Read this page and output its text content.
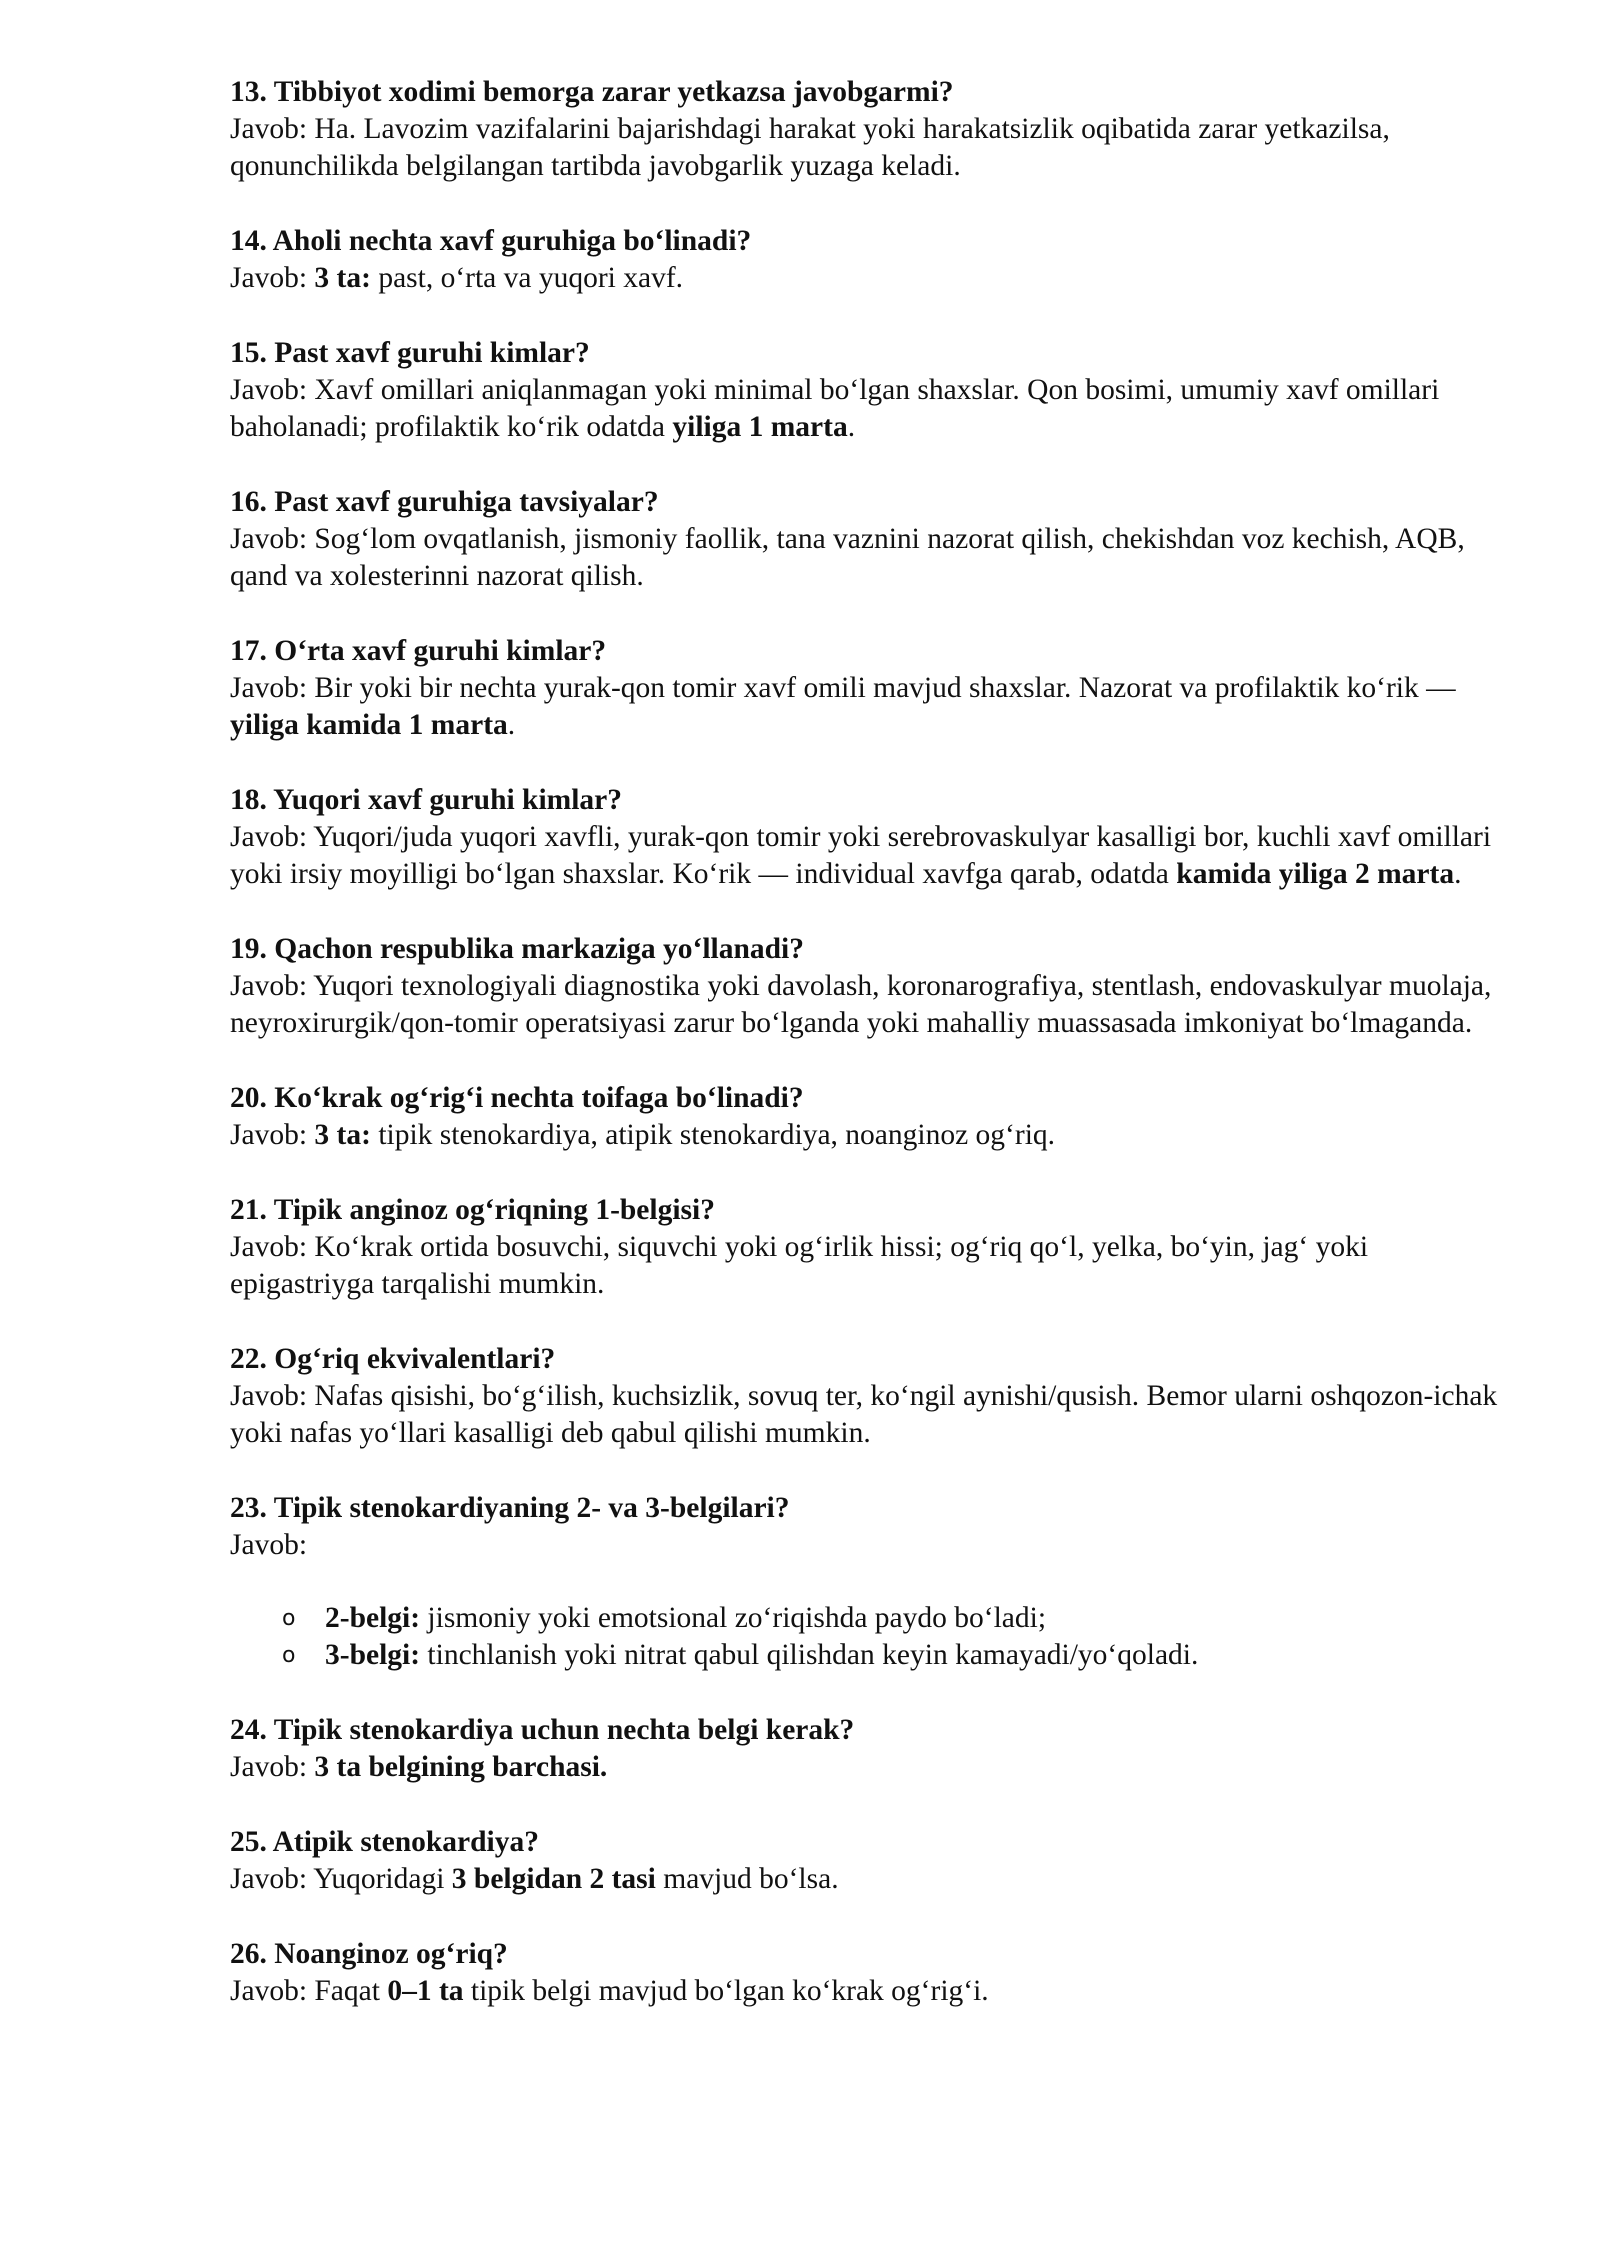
13. Tibbiyot xodimi bemorga zarar yetkazsa javobgarmi?
Javob: Ha. Lavozim vazifalarini bajarishdagi harakat yoki harakatsizlik oqibatida zarar yetkazilsa, qonunchilikda belgilangan tartibda javobgarlik yuzaga keladi.
14. Aholi nechta xavf guruhiga bo‘linadi?
Javob: 3 ta: past, o‘rta va yuqori xavf.
15. Past xavf guruhi kimlar?
Javob: Xavf omillari aniqlanmagan yoki minimal bo‘lgan shaxslar. Qon bosimi, umumiy xavf omillari baholanadi; profilaktik ko‘rik odatda yiliga 1 marta.
16. Past xavf guruhiga tavsiyalar?
Javob: Sog‘lom ovqatlanish, jismoniy faollik, tana vaznini nazorat qilish, chekishdan voz kechish, AQB, qand va xolesterinni nazorat qilish.
17. O‘rta xavf guruhi kimlar?
Javob: Bir yoki bir nechta yurak-qon tomir xavf omili mavjud shaxslar. Nazorat va profilaktik ko‘rik — yiliga kamida 1 marta.
18. Yuqori xavf guruhi kimlar?
Javob: Yuqori/juda yuqori xavfli, yurak-qon tomir yoki serebrovaskulyar kasalligi bor, kuchli xavf omillari yoki irsiy moyilligi bo‘lgan shaxslar. Ko‘rik — individual xavfga qarab, odatda kamida yiliga 2 marta.
19. Qachon respublika markaziga yo‘llanadi?
Javob: Yuqori texnologiyali diagnostika yoki davolash, koronarografiya, stentlash, endovaskulyar muolaja, neyroxirurgik/qon-tomir operatsiyasi zarur bo‘lganda yoki mahalliy muassasada imkoniyat bo‘lmaganda.
20. Ko‘krak og‘rig‘i nechta toifaga bo‘linadi?
Javob: 3 ta: tipik stenokardiya, atipik stenokardiya, noanginoz og‘riq.
21. Tipik anginoz og‘riqning 1-belgisi?
Javob: Ko‘krak ortida bosuvchi, siquvchi yoki og‘irlik hissi; og‘riq qo‘l, yelka, bo‘yin, jag‘ yoki epigastriyga tarqalishi mumkin.
22. Og‘riq ekvivalentlari?
Javob: Nafas qisishi, bo‘g‘ilish, kuchsizlik, sovuq ter, ko‘ngil aynishi/qusish. Bemor ularni oshqozon-ichak yoki nafas yo‘llari kasalligi deb qabul qilishi mumkin.
23. Tipik stenokardiyaning 2- va 3-belgilari?
Javob:
o 2-belgi: jismoniy yoki emotsional zo‘riqishda paydo bo‘ladi;
o 3-belgi: tinchlanish yoki nitrat qabul qilishdan keyin kamayadi/yo‘qoladi.
24. Tipik stenokardiya uchun nechta belgi kerak?
Javob: 3 ta belgining barchasi.
25. Atipik stenokardiya?
Javob: Yuqoridagi 3 belgidan 2 tasi mavjud bo‘lsa.
26. Noanginoz og‘riq?
Javob: Faqat 0–1 ta tipik belgi mavjud bo‘lgan ko‘krak og‘rig‘i.
